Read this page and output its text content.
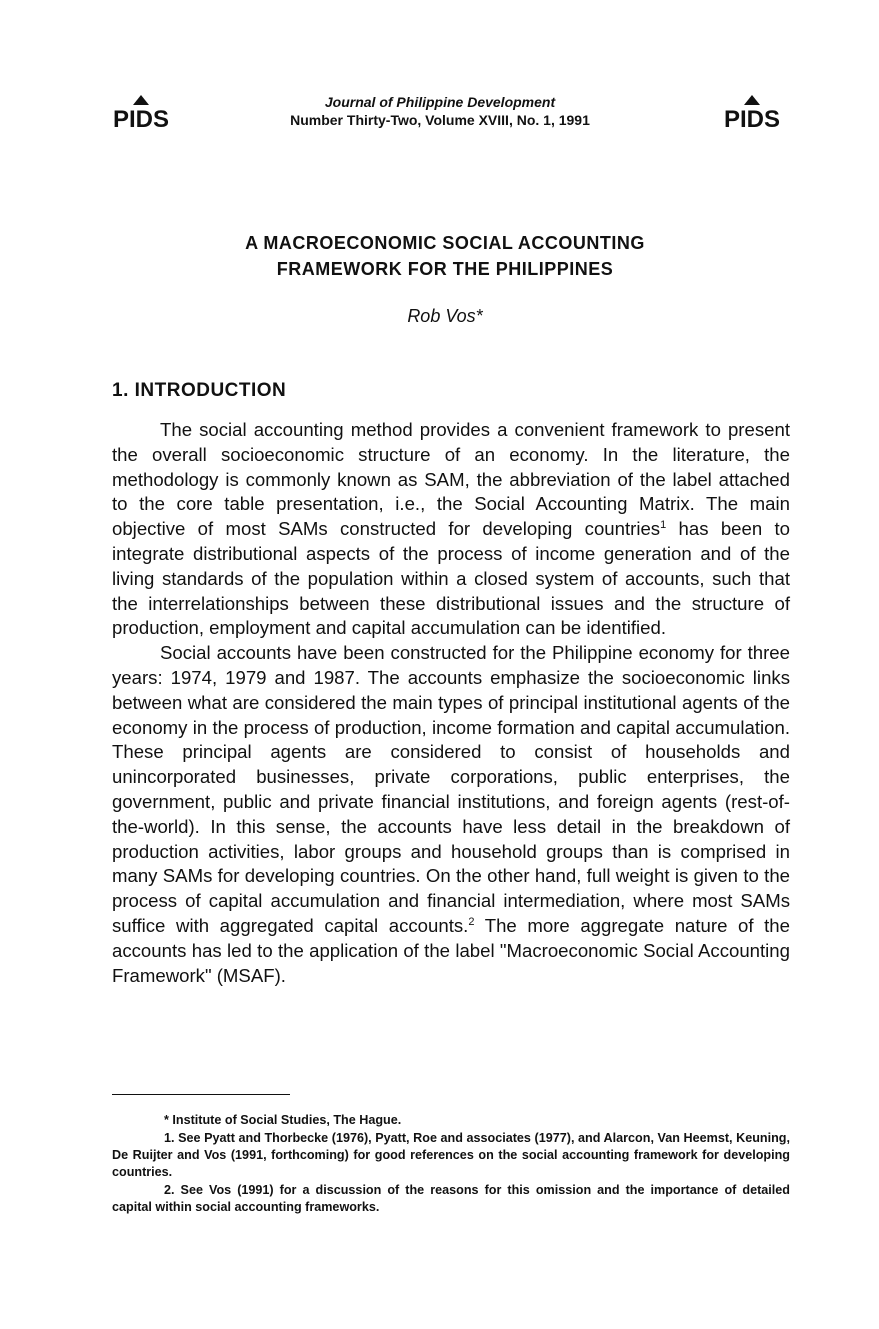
PIDS
Journal of Philippine Development
Number Thirty-Two, Volume XVIII, No. 1, 1991	PIDS
A MACROECONOMIC SOCIAL ACCOUNTING
FRAMEWORK FOR THE PHILIPPINES
Rob Vos*
1. INTRODUCTION

The social accounting method provides a convenient framework to present the overall socioeconomic structure of an economy. In the literature, the methodology is commonly known as SAM, the abbreviation of the label attached to the core table presentation, i.e., the Social Accounting Matrix. The main objective of most SAMs constructed for developing countries$^1$ has been to integrate distributional aspects of the process of income generation and of the living standards of the population within a closed system of accounts, such that the interrelationships between these distributional issues and the structure of production, employment and capital accumulation can be identified.

Social accounts have been constructed for the Philippine economy for three years: 1974, 1979 and 1987. The accounts emphasize the socioeconomic links between what are considered the main types of principal institutional agents of the economy in the process of production, income formation and capital accumulation. These principal agents are considered to consist of households and unincorporated businesses, private corporations, public enterprises, the government, public and private financial institutions, and foreign agents (rest-of-the-world). In this sense, the accounts have less detail in the breakdown of production activities, labor groups and household groups than is comprised in many SAMs for developing countries. On the other hand, full weight is given to the process of capital accumulation and financial intermediation, where most SAMs suffice with aggregated capital accounts.$^2$ The more aggregate nature of the accounts has led to the application of the label "Macroeconomic Social Accounting Framework" (MSAF).

* Institute of Social Studies, The Hague.

1. See Pyatt and Thorbecke (1976), Pyatt, Roe and associates (1977), and Alarcon, Van Heemst, Keuning, De Ruijter and Vos (1991, forthcoming) for good references on the social accounting framework for developing countries.

2. See Vos (1991) for a discussion of the reasons for this omission and the importance of detailed capital within social accounting frameworks.
